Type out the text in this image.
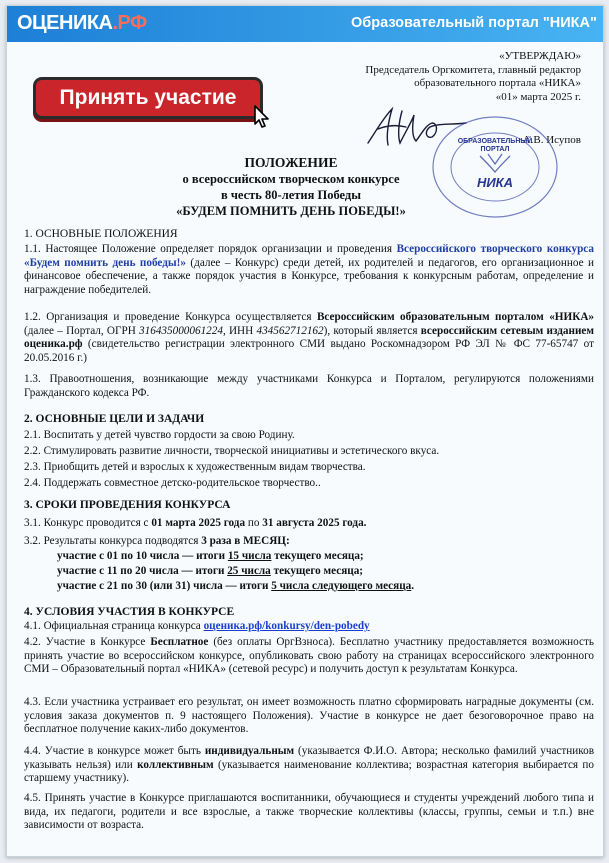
ОЦЕНИКА.РФ	Образовательный портал "НИКА"
Принять участие
«УТВЕРЖДАЮ»
Председатель Оргкомитета, главный редактор
образовательного портала «НИКА»
«01» марта 2025 г.
А.В. Исупов
ОБРАЗОВАТЕЛЬНЫЙ ПОРТАЛ
НИКА
ПОЛОЖЕНИЕ
о всероссийском творческом конкурсе
в честь 80-летия Победы
«БУДЕМ ПОМНИТЬ ДЕНЬ ПОБЕДЫ!»
1. ОСНОВНЫЕ ПОЛОЖЕНИЯ
1.1. Настоящее Положение определяет порядок организации и проведения Всероссийского творческого конкурса «Будем помнить день победы!» (далее – Конкурс) среди детей, их родителей и педагогов, его организационное и финансовое обеспечение, а также порядок участия в Конкурсе, требования к конкурсным работам, определение и награждение победителей.
1.2. Организация и проведение Конкурса осуществляется Всероссийским образовательным порталом «НИКА» (далее – Портал, ОГРН 316435000061224, ИНН 434562712162), который является всероссийским сетевым изданием оценика.рф (свидетельство регистрации электронного СМИ выдано Роскомнадзором РФ ЭЛ № ФС 77-65747 от 20.05.2016 г.)
1.3. Правоотношения, возникающие между участниками Конкурса и Порталом, регулируются положениями Гражданского кодекса РФ.
2. ОСНОВНЫЕ ЦЕЛИ И ЗАДАЧИ
2.1. Воспитать у детей чувство гордости за свою Родину.
2.2. Стимулировать развитие личности, творческой инициативы и эстетического вкуса.
2.3. Приобщить детей и взрослых к художественным видам творчества.
2.4. Поддержать совместное детско-родительское творчество..
3. СРОКИ ПРОВЕДЕНИЯ КОНКУРСА
3.1. Конкурс проводится с 01 марта 2025 года по 31 августа 2025 года.
3.2. Результаты конкурса подводятся 3 раза в МЕСЯЦ:
участие с 01 по 10 числа — итоги 15 числа текущего месяца;
участие с 11 по 20 числа — итоги 25 числа текущего месяца;
участие с 21 по 30 (или 31) числа — итоги 5 числа следующего месяца.
4. УСЛОВИЯ УЧАСТИЯ В КОНКУРСЕ
4.1. Официальная страница конкурса оценика.рф/konkursy/den-pobedy
4.2. Участие в Конкурсе Бесплатное (без оплаты ОргВзноса). Бесплатно участнику предоставляется возможность принять участие во всероссийском конкурсе, опубликовать свою работу на страницах всероссийского электронного СМИ – Образовательный портал «НИКА» (сетевой ресурс) и получить доступ к результатам Конкурса.
4.3. Если участника устраивает его результат, он имеет возможность платно сформировать наградные документы (см. условия заказа документов п. 9 настоящего Положения). Участие в конкурсе не дает безоговорочное право на бесплатное получение каких-либо документов.
4.4. Участие в конкурсе может быть индивидуальным (указывается Ф.И.О. Автора; несколько фамилий участников указывать нельзя) или коллективным (указывается наименование коллектива; возрастная категория выбирается по старшему участнику).
4.5. Принять участие в Конкурсе приглашаются воспитанники, обучающиеся и студенты учреждений любого типа и вида, их педагоги, родители и все взрослые, а также творческие коллективы (классы, группы, семьи и т.п.) вне зависимости от возраста.
